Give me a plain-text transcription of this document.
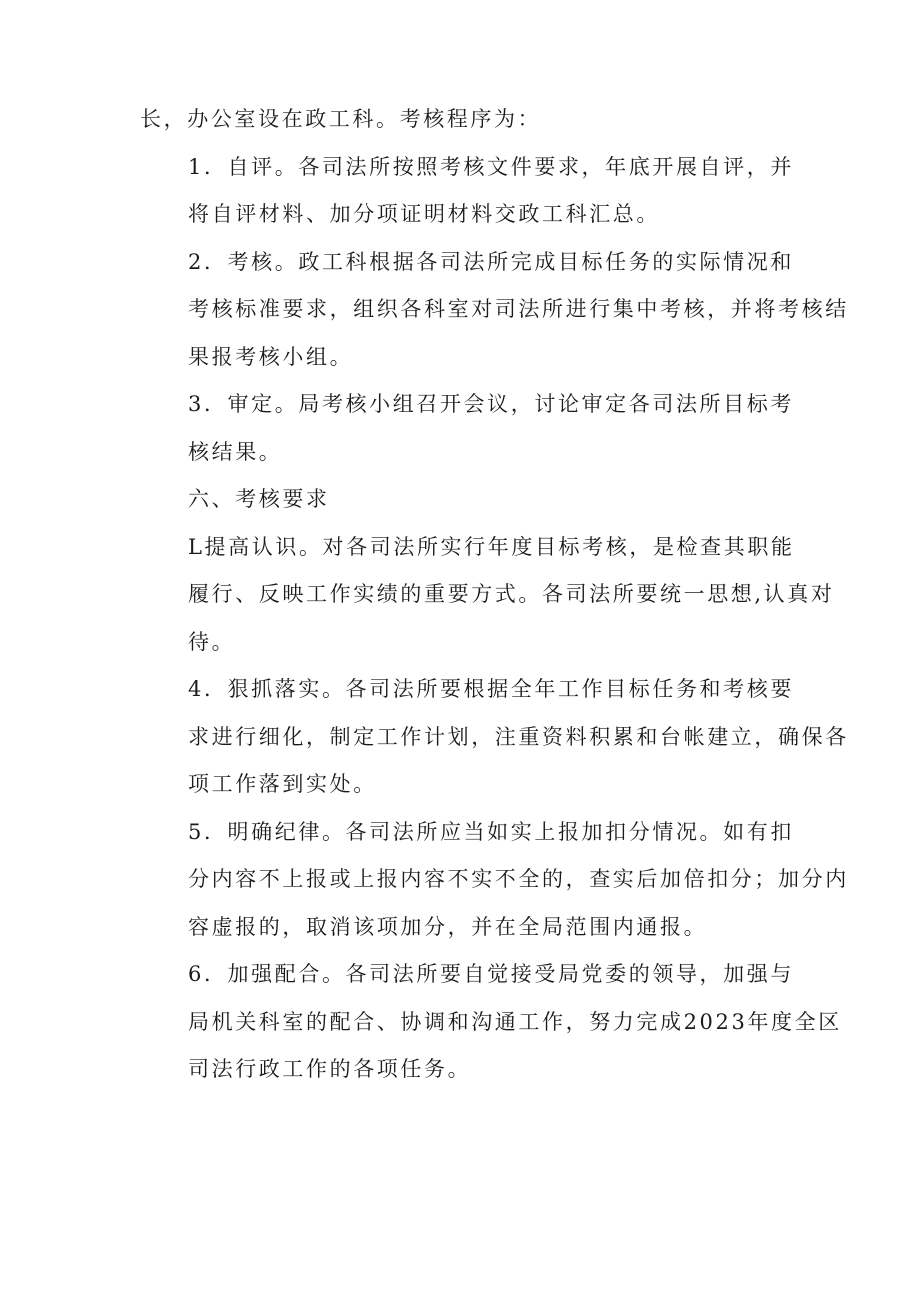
长，办公室设在政工科。考核程序为：

1．自评。各司法所按照考核文件要求，年底开展自评，并
将自评材料、加分项证明材料交政工科汇总。

2．考核。政工科根据各司法所完成目标任务的实际情况和
考核标准要求，组织各科室对司法所进行集中考核，并将考核结
果报考核小组。

3．审定。局考核小组召开会议，讨论审定各司法所目标考
核结果。

六、考核要求

L提高认识。对各司法所实行年度目标考核，是检查其职能
履行、反映工作实绩的重要方式。各司法所要统一思想,认真对
待。

4．狠抓落实。各司法所要根据全年工作目标任务和考核要
求进行细化，制定工作计划，注重资料积累和台帐建立，确保各
项工作落到实处。

5．明确纪律。各司法所应当如实上报加扣分情况。如有扣
分内容不上报或上报内容不实不全的，查实后加倍扣分；加分内
容虚报的，取消该项加分，并在全局范围内通报。

6．加强配合。各司法所要自觉接受局党委的领导，加强与
局机关科室的配合、协调和沟通工作，努力完成2023年度全区
司法行政工作的各项任务。
